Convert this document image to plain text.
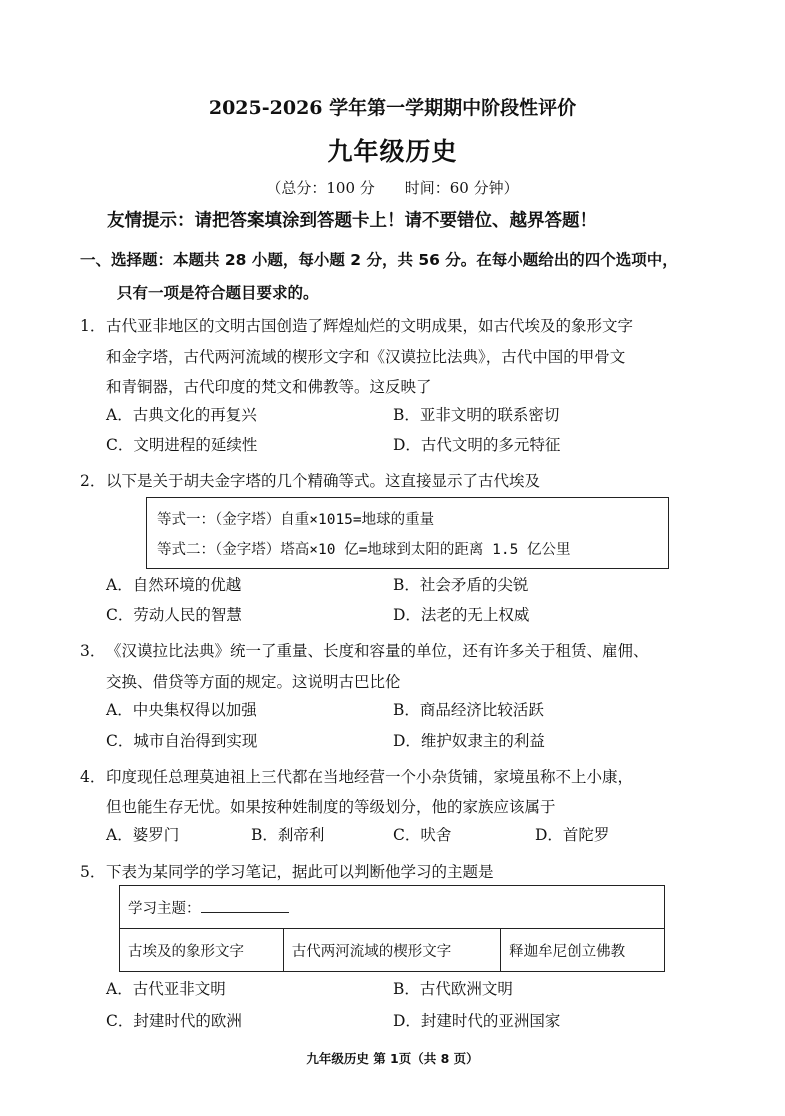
2025-2026 学年第一学期期中阶段性评价
九年级历史
（总分：100 分　　时间：60 分钟）
友情提示：请把答案填涂到答题卡上！请不要错位、越界答题！
一、选择题：本题共 28 小题，每小题 2 分，共 56 分。在每小题给出的四个选项中，
只有一项是符合题目要求的。
1． 古代亚非地区的文明古国创造了辉煌灿烂的文明成果，如古代埃及的象形文字
和金字塔，古代两河流域的楔形文字和《汉谟拉比法典》，古代中国的甲骨文
和青铜器，古代印度的梵文和佛教等。这反映了
A．古典文化的再复兴	B．亚非文明的联系密切
C．文明进程的延续性	D．古代文明的多元特征
2． 以下是关于胡夫金字塔的几个精确等式。这直接显示了古代埃及
等式一：（金字塔）自重×1015=地球的重量
等式二：（金字塔）塔高×10 亿=地球到太阳的距离 1.5 亿公里
A．自然环境的优越	B．社会矛盾的尖锐
C．劳动人民的智慧	D．法老的无上权威
3． 《汉谟拉比法典》统一了重量、长度和容量的单位，还有许多关于租赁、雇佣、
交换、借贷等方面的规定。这说明古巴比伦
A．中央集权得以加强	B．商品经济比较活跃
C．城市自治得到实现	D．维护奴隶主的利益
4． 印度现任总理莫迪祖上三代都在当地经营一个小杂货铺，家境虽称不上小康，
但也能生存无忧。如果按种姓制度的等级划分，他的家族应该属于
A．婆罗门	B．刹帝利	C．吠舍	D．首陀罗
5． 下表为某同学的学习笔记，据此可以判断他学习的主题是
学习主题：
古埃及的象形文字	古代两河流域的楔形文字	释迦牟尼创立佛教
A．古代亚非文明	B．古代欧洲文明
C．封建时代的欧洲	D．封建时代的亚洲国家
九年级历史 第 1页（共 8 页）
